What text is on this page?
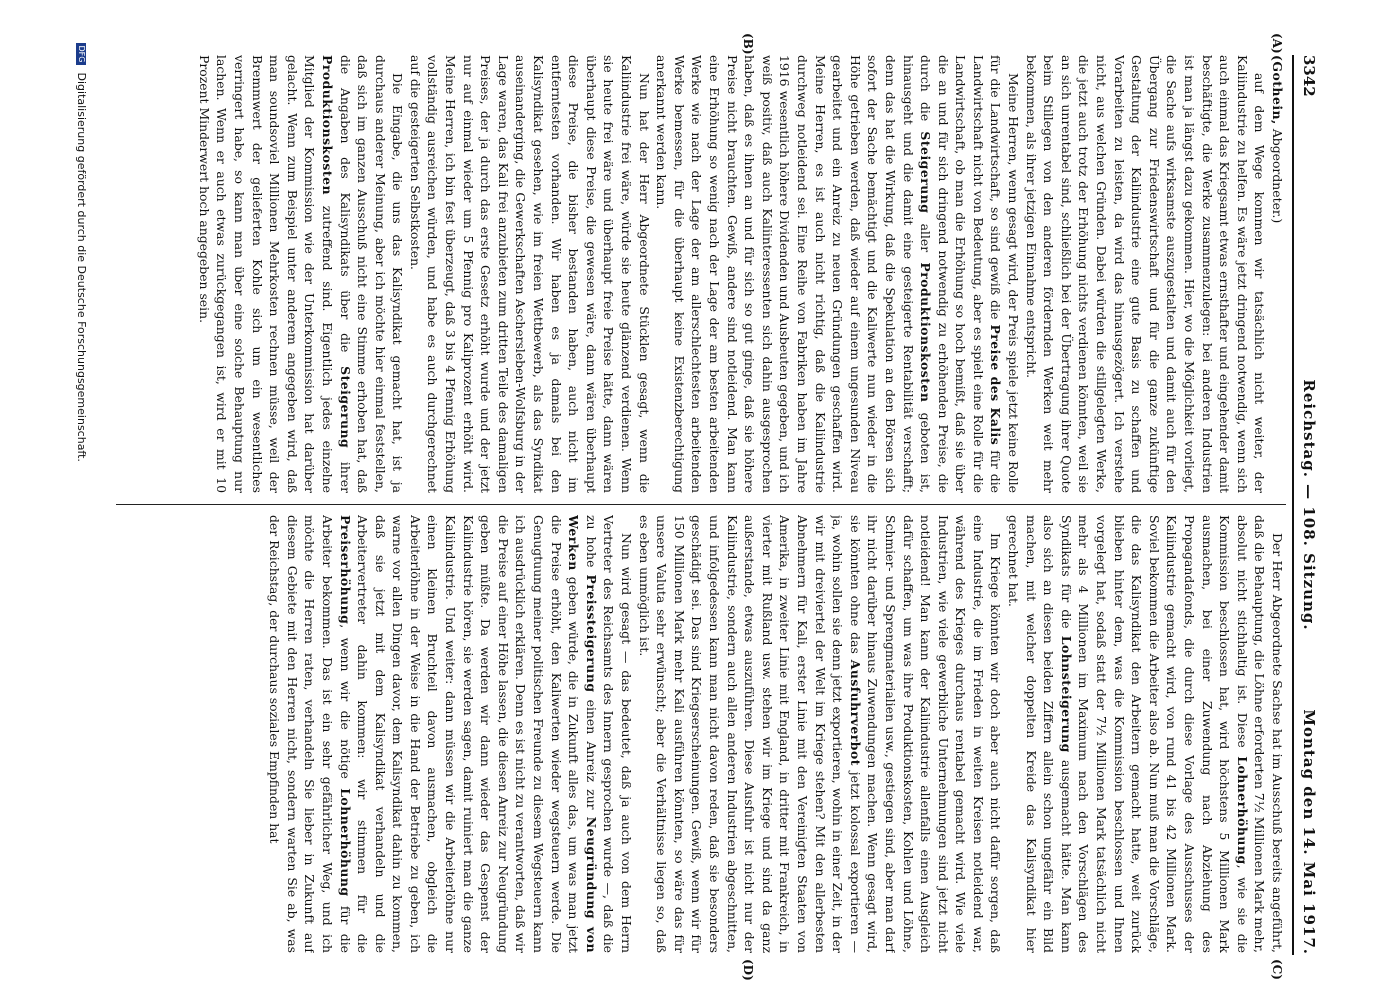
3342
Reichstag. — 108. Sitzung.
Montag den 14. Mai 1917.
(A)
(B)
(C)
(D)

(Gothein, Abgeordneter.)

auf dem Wege kommen wir tatsächlich nicht weiter, der Kaliindustrie zu helfen. Es wäre jetzt dringend notwendig, wenn sich auch einmal das Kriegsamt etwas ernsthafter und eingehender damit beschäftigte, die Werke zusammenzulegen: bei anderen Industrien ist man ja längst dazu gekommen. Hier, wo die Möglichkeit vorliegt, die Sache aufs wirksamste auszugestalten und damit auch für den Übergang zur Friedenswirtschaft und für die ganze zukünftige Gestaltung der Kaliindustrie eine gute Basis zu schaffen und Vorarbeiten zu leisten, da wird das hinausgezögert. Ich verstehe nicht, aus welchen Gründen. Dabei würden die stillgelegten Werke, die jetzt auch trotz der Erhöhung nichts verdienen könnten, weil sie an sich unrentabel sind, schließlich bei der Übertragung ihrer Quote beim Stillegen von den anderen fördernden Werken weit mehr bekommen, als ihrer jetzigen Einnahme entspricht.

Meine Herren, wenn gesagt wird, der Preis spiele jetzt keine Rolle für die Landwirtschaft, so sind gewiß die Preise des Kalis für die Landwirtschaft nicht von Bedeutung, aber es spielt eine Rolle für die Landwirtschaft, ob man die Erhöhung so hoch bemißt, daß sie über die an und für sich dringend notwendig zu erhöhenden Preise, die durch die Steigerung aller Produktionskosten geboten ist, hinausgeht und die damit eine gesteigerte Rentabilität verschafft; denn das hat die Wirkung, daß die Spekulation an den Börsen sich sofort der Sache bemächtigt und die Kaliwerte nun wieder in die Höhe getrieben werden, daß wieder auf einem ungesunden Niveau gearbeitet und ein Anreiz zu neuen Gründungen geschaffen wird. Meine Herren, es ist auch nicht richtig, daß die Kaliindustrie durchweg notleidend sei. Eine Reihe von Fabriken haben im Jahre 1916 wesentlich höhere Dividenden und Ausbeuten gegeben, und ich weiß positiv, daß auch Kaliinteressenten sich dahin ausgesprochen haben, daß es ihnen an und für sich so gut ginge, daß sie höhere Preise nicht brauchten. Gewiß, andere sind notleidend. Man kann eine Erhöhung so wenig nach der Lage der am besten arbeitenden Werke wie nach der Lage der am allerschlechtesten arbeitenden Werke bemessen, für die überhaupt keine Existenzberechtigung anerkannt werden kann.

Nun hat der Herr Abgeordnete Stücklen gesagt, wenn die Kaliindustrie frei wäre, würde sie heute glänzend verdienen. Wenn sie heute frei wäre und überhaupt freie Preise hätte, dann wären überhaupt diese Preise, die gewesen wäre, dann wären überhaupt diese Preise, die bisher bestanden haben, auch nicht im entferntesten vorhanden. Wir haben es ja damals bei den Kalisyndikat gesehen, wie im freien Wettbewerb, als das Syndikat auseinanderging, die Gewerkschaften Aschersleben-Wolfsburg in der Lage waren, das Kali frei anzubieten zum dritten Teile des damaligen Preises, der ja durch das erste Gesetz erhöht wurde und der jetzt nur auf einmal wieder um 5 Pfennig pro Kaliprozent erhöht wird. Meine Herren, ich bin fest überzeugt, daß 3 bis 4 Pfennig Erhöhung vollständig ausreichen würden, und habe es auch durchgerechnet auf die gesteigerten Selbstkosten.

Die Eingabe, die uns das Kalisyndikat gemacht hat, ist ja durchaus anderer Meinung, aber ich möchte hier einmal feststellen, daß sich im ganzen Ausschuß nicht eine Stimme erhoben hat, daß die Angaben des Kalisyndikats über die Steigerung ihrer Produktionskosten zutreffend sind. Eigentlich jedes einzelne Mitglied der Kommission wie der Unterkommission hat darüber gelacht. Wenn zum Beispiel unter anderem angegeben wird, daß man soundsoviel Millionen Mehrkosten rechnen müsse, weil der Bremmwert der gelieferten Kohle sich um ein wesentliches verringert habe, so kann man über eine solche Behauptung nur lachen. Wenn er auch etwas zurückgegangen ist, wird er mit 10 Prozent Minderwert hoch angegeben sein.

Der Herr Abgeordnete Sachse hat im Ausschuß bereits angeführt, daß die Behauptung, die Löhne erforderten 7½ Millionen Mark mehr, absolut nicht stichhaltig ist. Diese Lohnerhöhung, wie sie die Kommission beschlossen hat, wird höchstens 5 Millionen Mark ausmachen, bei einer Zuwendung nach Abziehung des Propagandafonds, die durch diese Vorlage des Ausschusses der Kaliindustrie gemacht wird, von rund 41 bis 42 Millionen Mark. Soviel bekommen die Arbeiter also ab. Nun muß man die Vorschläge, die das Kalisyndikat den Arbeitern gemacht hatte, weit zurück blieben hinter dem, was die Kommission beschlossen und Ihnen vorgelegt hat, sodaß statt der 7½ Millionen Mark tatsächlich nicht mehr als 4 Millionen im Maximum nach den Vorschlägen des Syndikats für die Lohnsteigerung ausgemacht hätte. Man kann also sich an diesen beiden Ziffern allein schon ungefähr ein Bild machen, mit welcher doppelten Kreide das Kalisyndikat hier gerechnet hat.

Im Kriege könnten wir doch aber auch nicht dafür sorgen, daß eine Industrie, die im Frieden in weiten Kreisen notleidend war, während des Krieges durchaus rentabel gemacht wird. Wie viele Industrien, wie viele gewerbliche Unternehmungen sind jetzt nicht notleidend! Man kann der Kaliindustrie allenfalls einen Ausgleich dafür schaffen, um was ihre Produktionskosten, Kohlen und Löhne, Schmier- und Sprengmaterialien usw., gestiegen sind, aber man darf ihr nicht darüber hinaus Zuwendungen machen. Wenn gesagt wird, sie könnten ohne das Ausfuhrverbot jetzt kolossal exportieren — ja, wohin sollen sie denn jetzt exportieren, wohin in einer Zeit, in der wir mit dreiviertel der Welt im Kriege stehen? Mit den allerbesten Abnehmern für Kali, erster Linie mit den Vereinigten Staaten von Amerika, in zweiter Linie mit England, in dritter mit Frankreich, in vierter mit Rußland usw. stehen wir im Kriege und sind da ganz außerstande, etwas auszuführen. Diese Ausfuhr ist nicht nur der Kaliindustrie, sondern auch allen anderen Industrien abgeschnitten, und infolgedessen kann man nicht davon reden, daß sie besonders geschädigt sei. Das sind Kriegserscheinungen. Gewiß, wenn wir für 150 Millionen Mark mehr Kali ausführen könnten, so wäre das für unsere Valuta sehr erwünscht; aber die Verhältnisse liegen so, daß es eben unmöglich ist.

Nun wird gesagt — das bedeutet, daß ja auch von dem Herrn Vertreter des Reichsamts des Innern gesprochen wurde —, daß die zu hohe Preissteigerung einen Anreiz zur Neugründung von Werken geben würde, die in Zukunft alles das, um was man jetzt die Preise erhöht, den Kaliwerten wieder wegsteuern werde. Die Genugtuung meiner politischen Freunde zu diesem Wegsteuern kann ich ausdrücklich erklären. Denn es ist nicht zu verantworten, daß wir die Preise auf einer Höhe lassen, die diesen Anreiz zur Neugründung geben müßte. Da werden wir dann wieder das Gespenst der Kaliindustrie hören, sie werden sagen, damit ruiniert man die ganze Kaliindustrie. Und weiter: dann müssen wir die Arbeiterlöhne nur einen kleinen Bruchteil davon ausmachen, obgleich die Arbeiterlöhne in der Weise in die Hand der Betriebe zu geben, ich warne vor allen Dingen davor, dem Kalisyndikat dahin zu kommen, daß sie jetzt mit dem Kalisyndikat verhandeln und die Arbeitervertreter dahin kommen: wir stimmen für die Preiserhöhung, wenn wir die nötige Lohnerhöhung für die Arbeiter bekommen. Das ist ein sehr gefährlicher Weg, und ich möchte die Herren raten, verhandeln Sie lieber in Zukunft auf diesem Gebiete mit den Herren nicht, sondern warten Sie ab, was der Reichstag, der durchaus soziales Empfinden hat

DFG Digitalisierung gefördert durch die Deutsche Forschungsgemeinschaft.
